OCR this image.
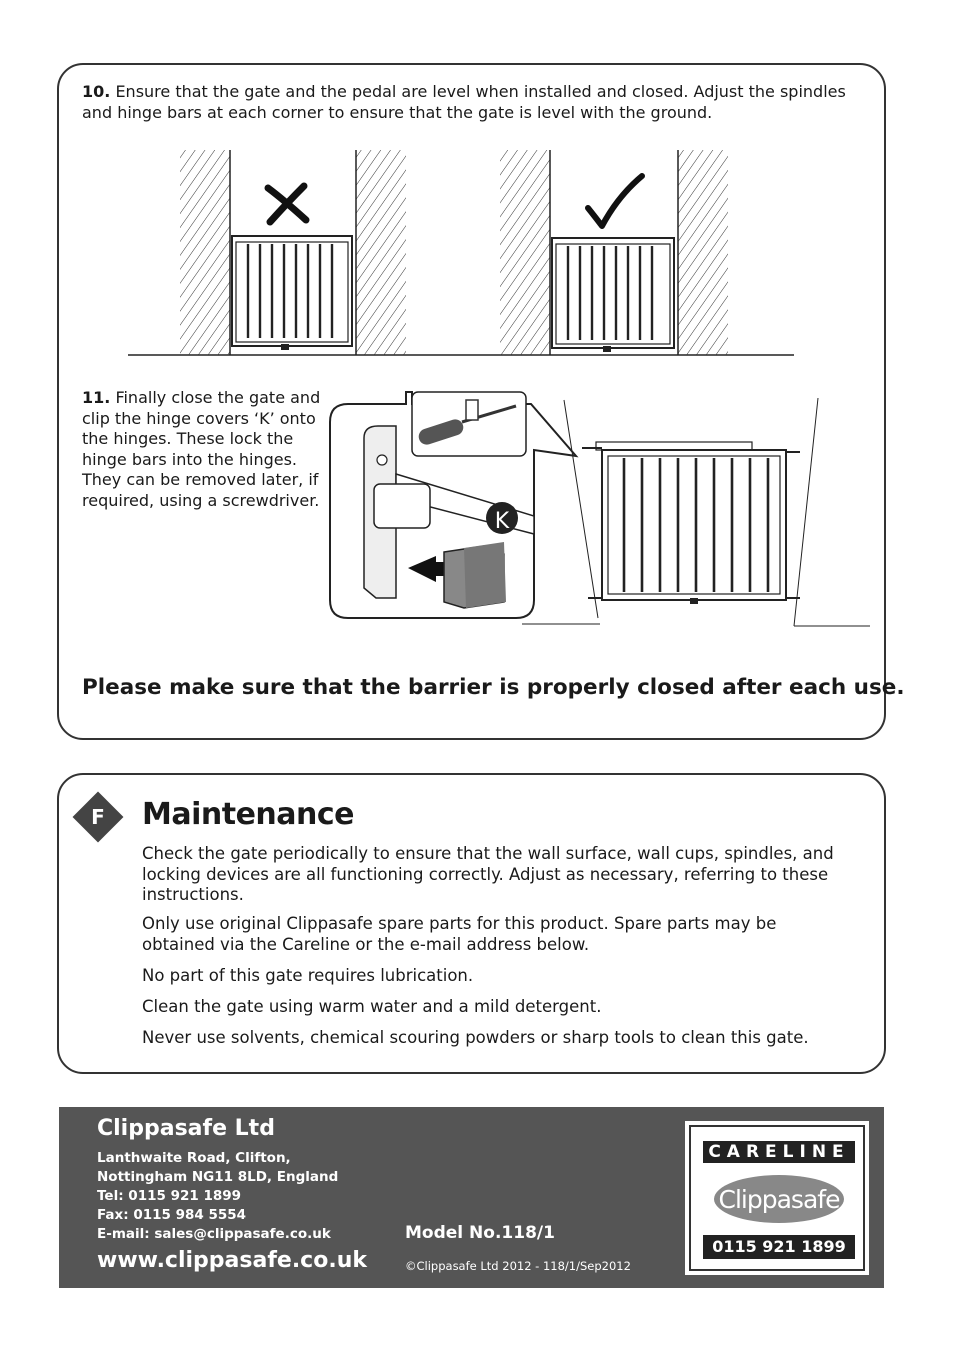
10. Ensure that the gate and the pedal are level when installed and closed. Adjust the spindles and hinge bars at each corner to ensure that the gate is level with the ground.
11. Finally close the gate and clip the hinge covers ‘K’ onto the hinges. These lock the hinge bars into the hinges. They can be removed later, if required, using a screwdriver.
K
Please make sure that the barrier is properly closed after each use.
F	Maintenance
Check the gate periodically to ensure that the wall surface, wall cups, spindles, and locking devices are all functioning correctly. Adjust as necessary, referring to these instructions.
Only use original Clippasafe spare parts for this product. Spare parts may be obtained via the Careline or the e-mail address below.
No part of this gate requires lubrication.
Clean the gate using warm water and a mild detergent.
Never use solvents, chemical scouring powders or sharp tools to clean this gate.
Clippasafe Ltd
Lanthwaite Road, Clifton,
Nottingham NG11 8LD, England
Tel: 0115 921 1899
Fax: 0115 984 5554
E-mail: sales@clippasafe.co.uk
www.clippasafe.co.uk
Model No.118/1
©Clippasafe Ltd 2012 - 118/1/Sep2012
CARELINE
Clippasafe
0115 921 1899
